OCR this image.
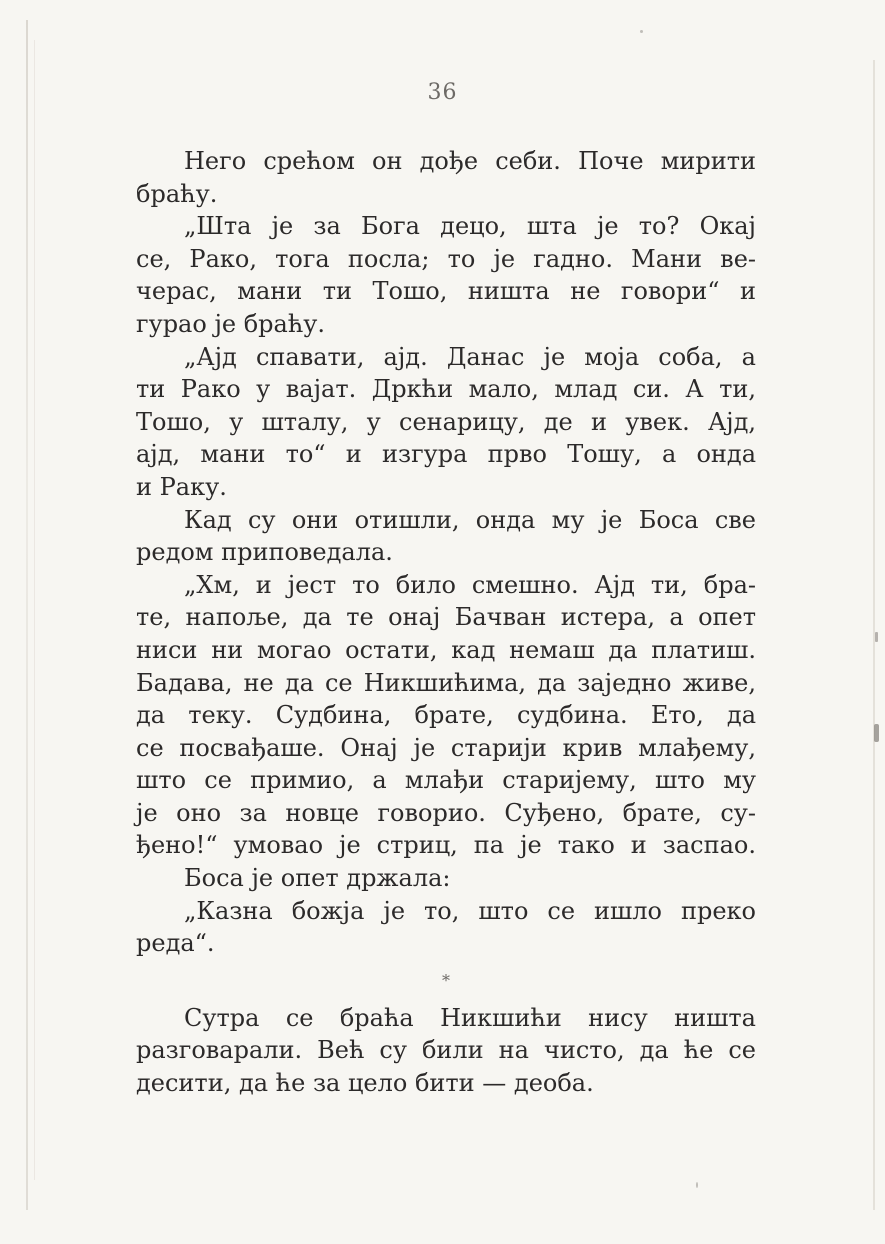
36
Него срећом он дође себи. Поче мирити
браћу.
„Шта је за Бога децо, шта је то? Окај
се, Рако, тога посла; то је гадно. Мани ве-
черас, мани ти Тошо, ништа не говори“ и
гурао је браћу.
„Ајд спавати, ајд. Данас је моја соба, а
ти Рако у вајат. Дркћи мало, млад си. А ти,
Тошо, у шталу, у сенарицу, де и увек. Ајд,
ајд, мани то“ и изгура прво Тошу, а онда
и Раку.
Кад су они отишли, онда му је Боса све
редом приповедала.
„Хм, и јест то било смешно. Ајд ти, бра-
те, напоље, да те онај Бачван истера, а опет
ниси ни могао остати, кад немаш да платиш.
Бадава, не да се Никшићима, да заједно живе,
да теку. Судбина, брате, судбина. Ето, да
се посвађаше. Онај је старији крив млађему,
што се примио, а млађи старијему, што му
је оно за новце говорио. Суђено, брате, су-
ђено!“ умовао је стриц, па је тако и заспао.
Боса је опет држала:
„Казна божја је то, што се ишло преко
реда“.
*
Сутра се браћа Никшићи нису ништа
разговарали. Већ су били на чисто, да ће се
десити, да ће за цело бити — деоба.
